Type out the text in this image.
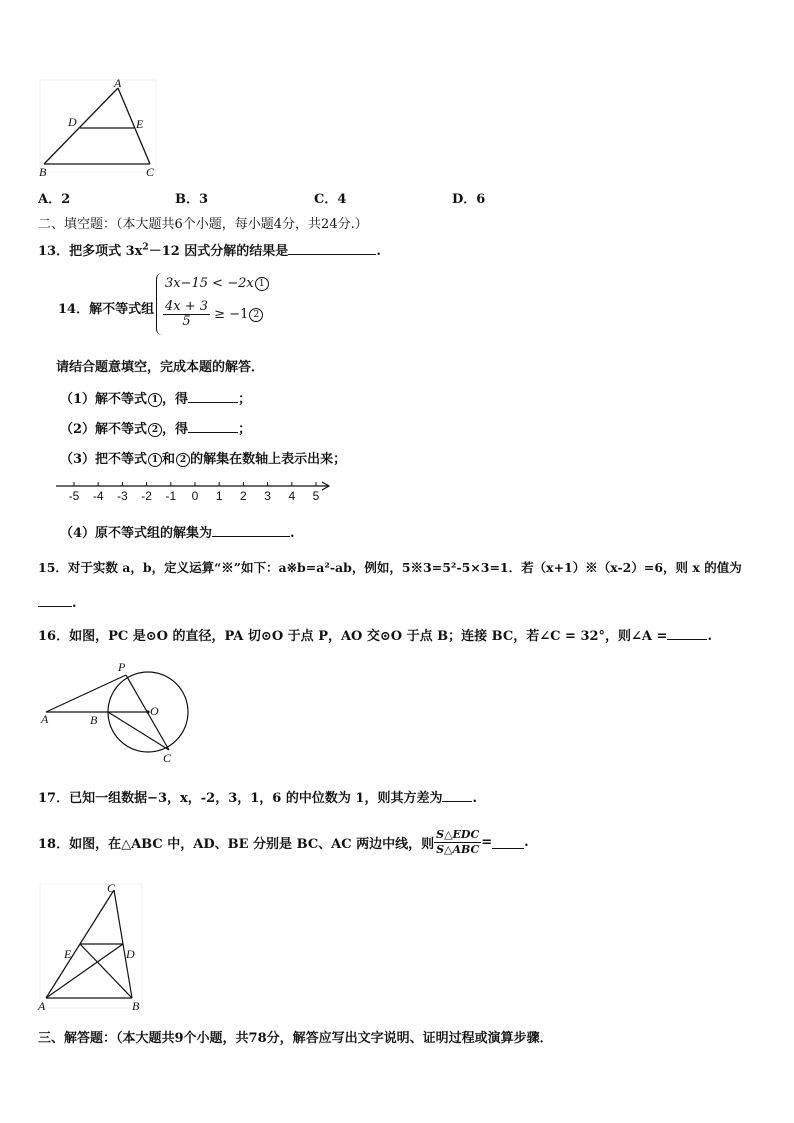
A
D	E
B	C
A．2	B．3	C．4	D．6
二、填空题：（本大题共6个小题，每小题4分，共24分.）
13．把多项式 $3x^2-12$ 因式分解的结果是	.
14．解不等式组
3x−15 < −2x 1
$\frac{4x + 3}{5} \ge -1$ 2
请结合题意填空，完成本题的解答．
（1）解不等式 1 ，得	；
（2）解不等式 2 ，得	；
（3）把不等式 1 和 2 的解集在数轴上表示出来；
-5 -4 -3 -2 -1 0 1 2 3 4 5
（4）原不等式组的解集为	.
15．对于实数 a，b，定义运算“※”如下：a※b=a²-ab，例如，5※3=5²-5×3=1．若（x+1）※（x-2）=6，则 x 的值为
.
16．如图，PC 是⊙O 的直径，PA 切⊙O 于点 P，AO 交⊙O 于点 B；连接 BC，若∠C = 32°，则∠A =	.
P
O
A	B
C
17．已知一组数据−3，x，-2，3，1，6 的中位数为 1，则其方差为 .
18．如图，在△ABC 中，AD、BE 分别是 BC、AC 两边中线，则 $\frac{\text{S△EDC}}{\text{S△ABC}}$ = .
C
E	D
A	B
三、解答题：（本大题共9个小题，共78分，解答应写出文字说明、证明过程或演算步骤．
